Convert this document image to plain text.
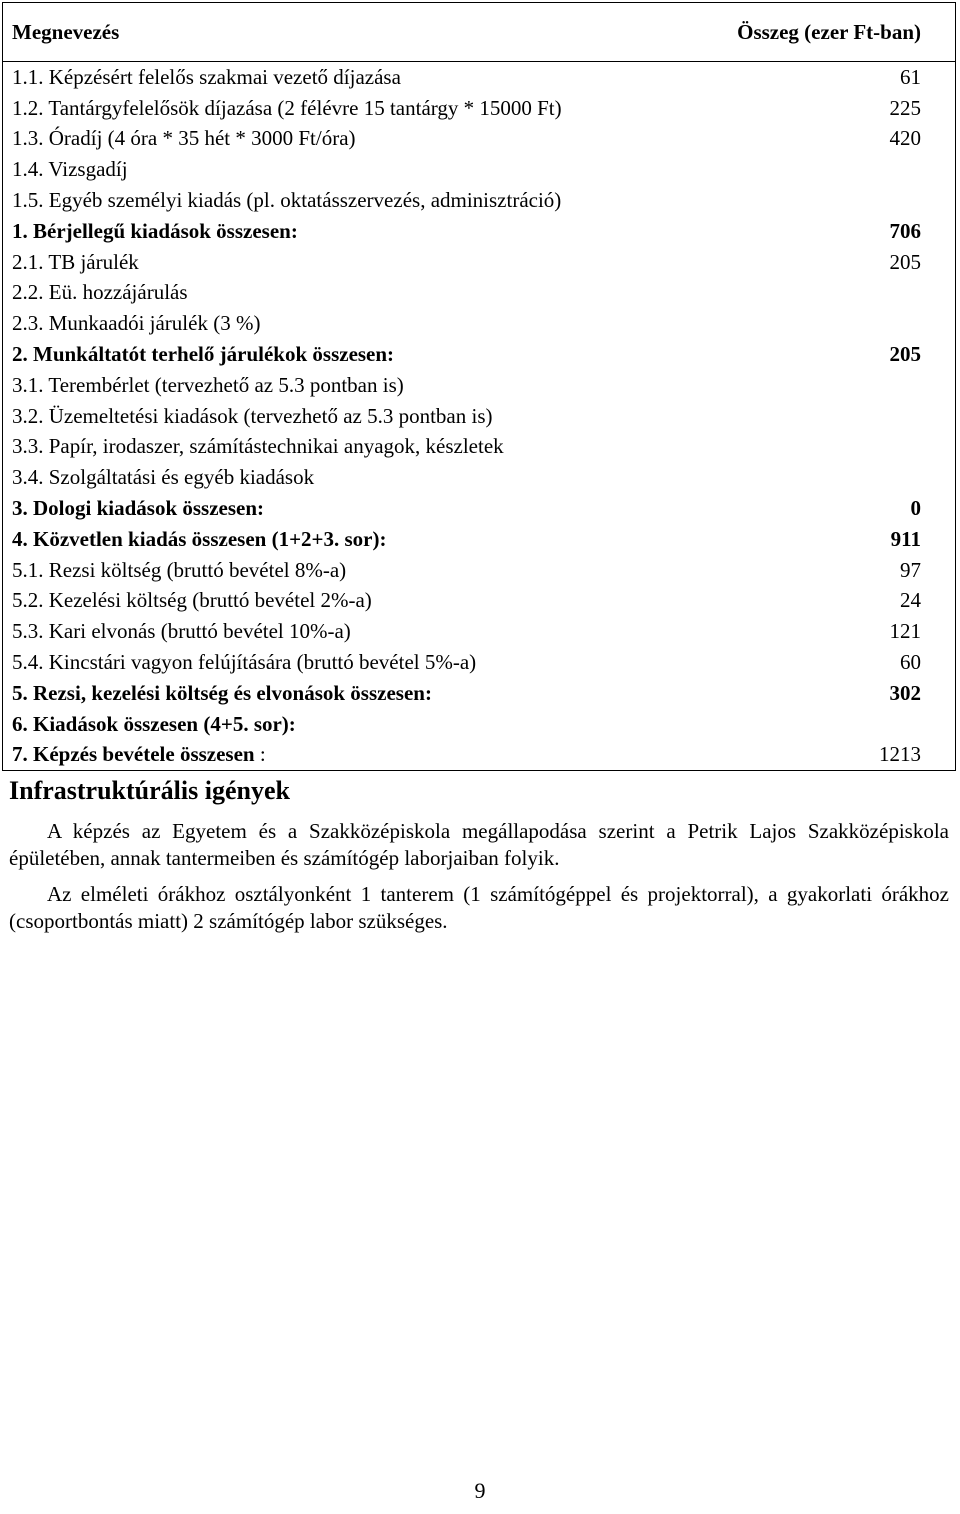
Megnevezés	Összeg (ezer Ft-ban)
1.1. Képzésért felelős szakmai vezető díjazása	61
1.2. Tantárgyfelelősök díjazása (2 félévre 15 tantárgy * 15000 Ft)	225
1.3. Óradíj (4 óra * 35 hét * 3000 Ft/óra)	420
1.4. Vizsgadíj
1.5. Egyéb személyi kiadás (pl. oktatásszervezés, adminisztráció)
1. Bérjellegű kiadások összesen:	706
2.1. TB járulék	205
2.2. Eü. hozzájárulás
2.3. Munkaadói járulék (3 %)
2. Munkáltatót terhelő járulékok összesen:	205
3.1. Terembérlet (tervezhető az 5.3 pontban is)
3.2. Üzemeltetési kiadások (tervezhető az 5.3 pontban is)
3.3. Papír, irodaszer, számítástechnikai anyagok, készletek
3.4. Szolgáltatási és egyéb kiadások
3. Dologi kiadások összesen:	0
4. Közvetlen kiadás összesen (1+2+3. sor):	911
5.1. Rezsi költség (bruttó bevétel 8%-a)	97
5.2. Kezelési költség (bruttó bevétel 2%-a)	24
5.3. Kari elvonás (bruttó bevétel 10%-a)	121
5.4. Kincstári vagyon felújítására (bruttó bevétel 5%-a)	60
5. Rezsi, kezelési költség és elvonások összesen:	302
6. Kiadások összesen (4+5. sor):
7. Képzés bevétele összesen :	1213
Infrastruktúrális igények

A képzés az Egyetem és a Szakközépiskola megállapodása szerint a Petrik Lajos Szakközépiskola épületében, annak tantermeiben és számítógép laborjaiban folyik.

Az elméleti órákhoz osztályonként 1 tanterem (1 számítógéppel és projektorral), a gyakorlati órákhoz (csoportbontás miatt) 2 számítógép labor szükséges.

9
